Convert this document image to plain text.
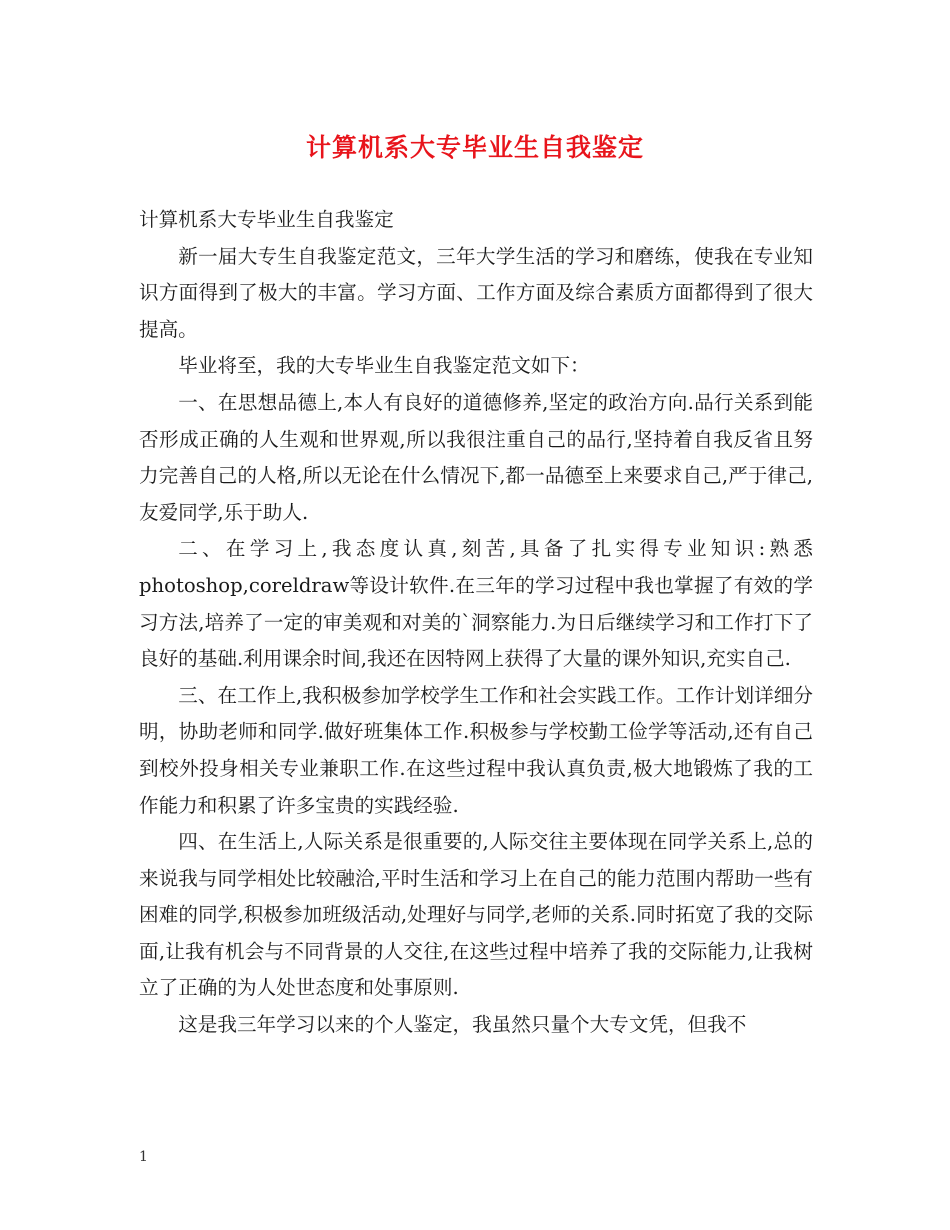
计算机系大专毕业生自我鉴定

计算机系大专毕业生自我鉴定

新一届大专生自我鉴定范文，三年大学生活的学习和磨练，使我在专业知识方面得到了极大的丰富。学习方面、工作方面及综合素质方面都得到了很大提高。

毕业将至，我的大专毕业生自我鉴定范文如下：

一、在思想品德上,本人有良好的道德修养,坚定的政治方向.品行关系到能否形成正确的人生观和世界观,所以我很注重自己的品行,坚持着自我反省且努力完善自己的人格,所以无论在什么情况下,都一品德至上来要求自己,严于律己,友爱同学,乐于助人.

二、在学习上,我态度认真,刻苦,具备了扎实得专业知识:熟悉photoshop,coreldraw等设计软件.在三年的学习过程中我也掌握了有效的学习方法,培养了一定的审美观和对美的`洞察能力.为日后继续学习和工作打下了良好的基础.利用课余时间,我还在因特网上获得了大量的课外知识,充实自己.

三、在工作上,我积极参加学校学生工作和社会实践工作。工作计划详细分明，协助老师和同学.做好班集体工作.积极参与学校勤工俭学等活动,还有自己到校外投身相关专业兼职工作.在这些过程中我认真负责,极大地锻炼了我的工作能力和积累了许多宝贵的实践经验.

四、在生活上,人际关系是很重要的,人际交往主要体现在同学关系上,总的来说我与同学相处比较融洽,平时生活和学习上在自己的能力范围内帮助一些有困难的同学,积极参加班级活动,处理好与同学,老师的关系.同时拓宽了我的交际面,让我有机会与不同背景的人交往,在这些过程中培养了我的交际能力,让我树立了正确的为人处世态度和处事原则.

这是我三年学习以来的个人鉴定，我虽然只量个大专文凭，但我不

1
